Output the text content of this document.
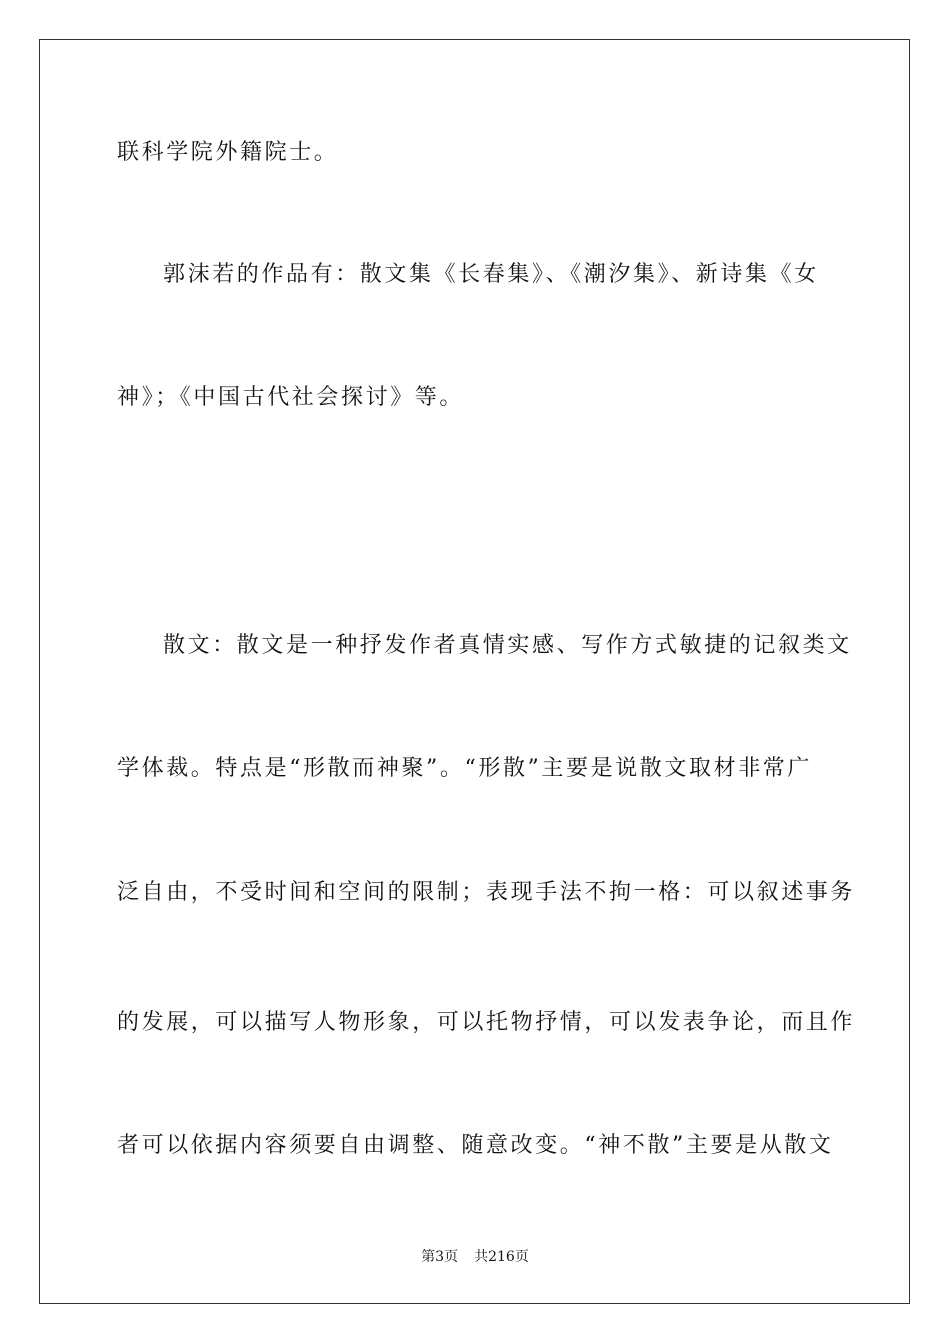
联科学院外籍院士。
郭沫若的作品有：散文集《长春集》、《潮汐集》、新诗集《女
神》；《中国古代社会探讨》等。
散文：散文是一种抒发作者真情实感、写作方式敏捷的记叙类文
学体裁。特点是“形散而神聚”。“形散”主要是说散文取材非常广
泛自由，不受时间和空间的限制；表现手法不拘一格：可以叙述事务
的发展，可以描写人物形象，可以托物抒情，可以发表争论，而且作
者可以依据内容须要自由调整、随意改变。“神不散”主要是从散文
第3页 共216页
